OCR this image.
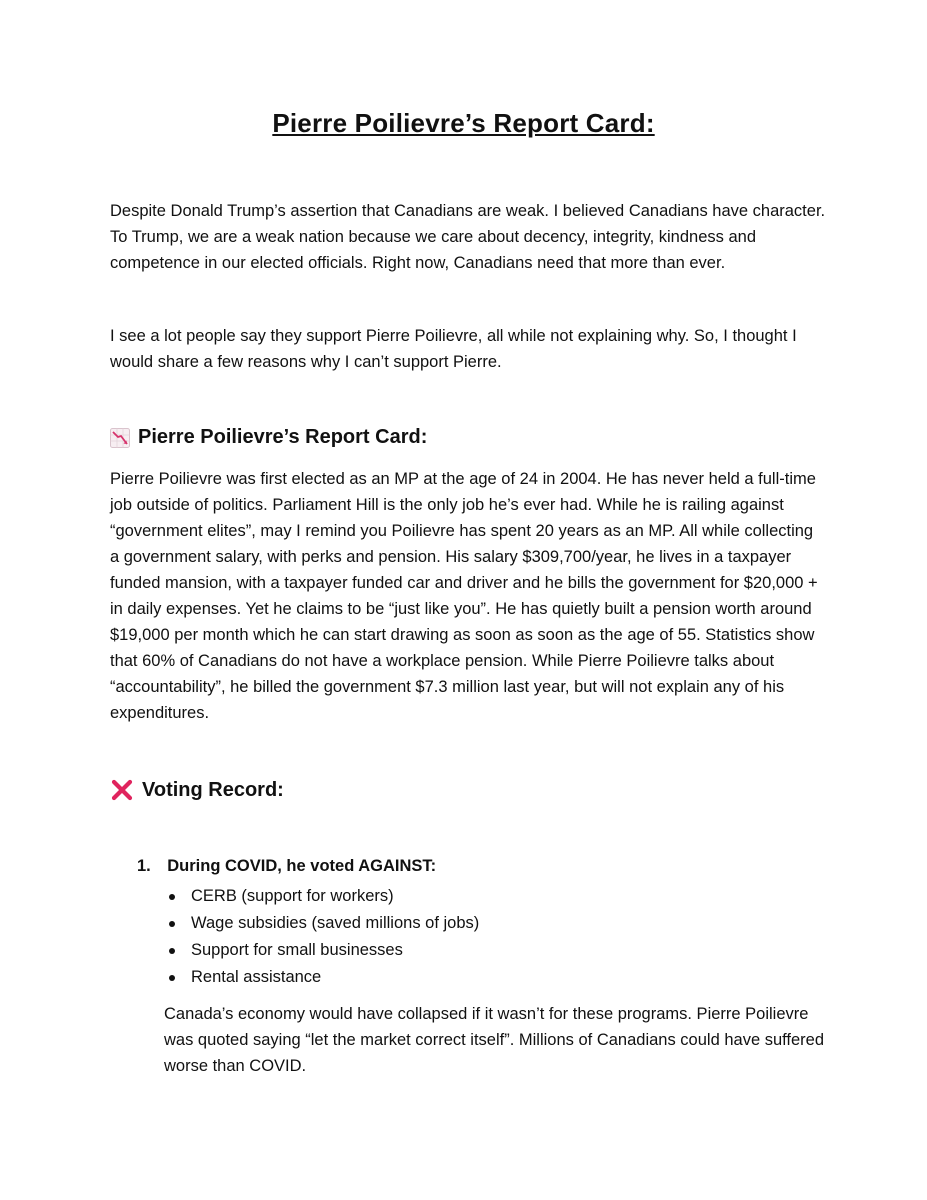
Pierre Poilievre’s Report Card:

Despite Donald Trump’s assertion that Canadians are weak. I believed Canadians have character. To Trump, we are a weak nation because we care about decency, integrity, kindness and competence in our elected officials. Right now, Canadians need that more than ever.

I see a lot people say they support Pierre Poilievre, all while not explaining why. So, I thought I would share a few reasons why I can’t support Pierre.

Pierre Poilievre’s Report Card:

Pierre Poilievre was first elected as an MP at the age of 24 in 2004. He has never held a full-time job outside of politics. Parliament Hill is the only job he’s ever had. While he is railing against “government elites”, may I remind you Poilievre has spent 20 years as an MP. All while collecting a government salary, with perks and pension. His salary $309,700/year, he lives in a taxpayer funded mansion, with a taxpayer funded car and driver and he bills the government for $20,000 + in daily expenses. Yet he claims to be “just like you”. He has quietly built a pension worth around $19,000 per month which he can start drawing as soon as soon as the age of 55. Statistics show that 60% of Canadians do not have a workplace pension. While Pierre Poilievre talks about “accountability”, he billed the government $7.3 million last year, but will not explain any of his expenditures.

Voting Record:

1. During COVID, he voted AGAINST:

CERB (support for workers)
Wage subsidies (saved millions of jobs)
Support for small businesses
Rental assistance

Canada’s economy would have collapsed if it wasn’t for these programs. Pierre Poilievre was quoted saying “let the market correct itself”. Millions of Canadians could have suffered worse than COVID.
